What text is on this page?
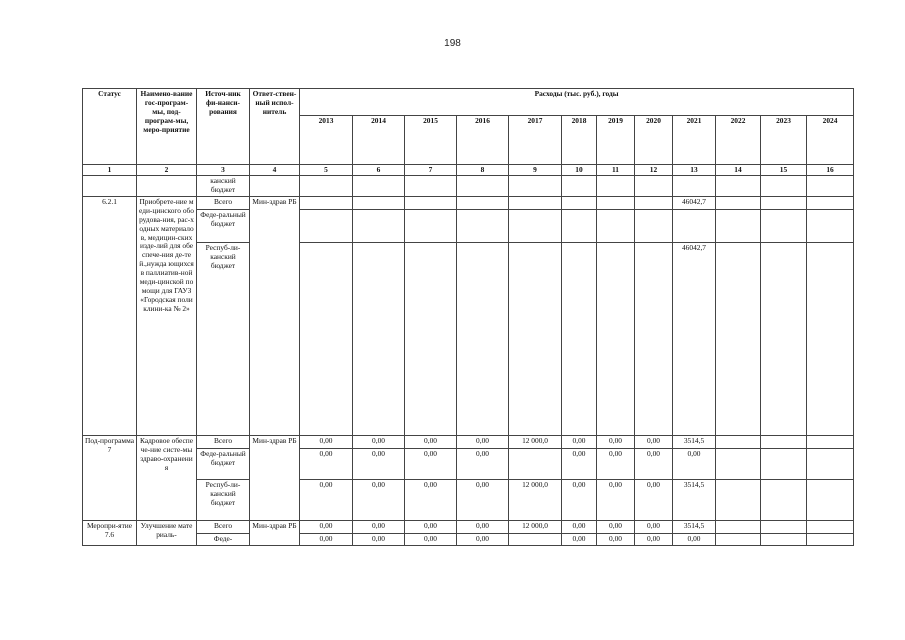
198
Статус	Наимено-вание гос-програм-мы, под-програм-мы, меро-приятие	Источ-ник фи-нанси-рования	Ответ-ствен-ный испол-нитель	Расходы (тыс. руб.), годы											
				2013	2014	2015	2016	2017	2018	2019	2020	2021	2022	2023	2024
1	2	3	4	5	6	7	8	9	10	11	12	13	14	15	16
		канский бюджет													
6.2.1	Приобрете-ние меди-цинского оборудова-ния, рас-ходных материалов, медицин-ских изде-лий для обеспече-ния де-тей.,нужда ющихся в паллиатив-ной меди-цинской помощи для ГАУЗ «Городская поликлини-ка № 2»	Всего	Мин-здрав РБ									46042,7			
		Феде-ральный бюджет													
		Респуб-ли-канский бюджет										46042,7			
Под-программа 7	Кадровое обеспече-ние систе-мы здраво-охранения	Всего	Мин-здрав РБ	0,00	0,00	0,00	0,00	12 000,0	0,00	0,00	0,00	3514,5			
		Феде-ральный бюджет		0,00	0,00	0,00	0,00		0,00	0,00	0,00	0,00			
		Респуб-ли-канский бюджет		0,00	0,00	0,00	0,00	12 000,0	0,00	0,00	0,00	3514,5			
Меропри-ятие 7.6	Улучшение материаль-	Всего	Мин-здрав РБ	0,00	0,00	0,00	0,00	12 000,0	0,00	0,00	0,00	3514,5			
		Феде-		0,00	0,00	0,00	0,00		0,00	0,00	0,00	0,00			
